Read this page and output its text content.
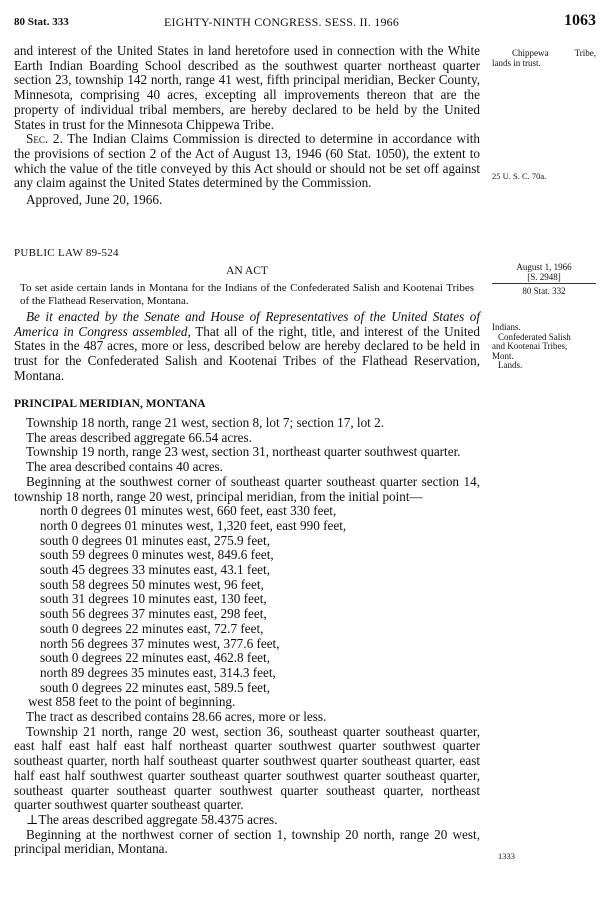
80 Stat. 333	EIGHTY-NINTH CONGRESS. SESS. II. 1966	1063

and interest of the United States in land heretofore used in connection with the White Earth Indian Boarding School described as the southwest quarter northeast quarter section 23, township 142 north, range 41 west, fifth principal meridian, Becker County, Minnesota, comprising 40 acres, excepting all improvements thereon that are the property of individual tribal members, are hereby declared to be held by the United States in trust for the Minnesota Chippewa Tribe.

Sec. 2. The Indian Claims Commission is directed to determine in accordance with the provisions of section 2 of the Act of August 13, 1946 (60 Stat. 1050), the extent to which the value of the title conveyed by this Act should or should not be set off against any claim against the United States determined by the Commission.

Approved, June 20, 1966.

PUBLIC LAW 89-524

AN ACT

To set aside certain lands in Montana for the Indians of the Confederated Salish and Kootenai Tribes of the Flathead Reservation, Montana.

Be it enacted by the Senate and House of Representatives of the United States of America in Congress assembled, That all of the right, title, and interest of the United States in the 487 acres, more or less, described below are hereby declared to be held in trust for the Confederated Salish and Kootenai Tribes of the Flathead Reservation, Montana.

PRINCIPAL MERIDIAN, MONTANA

Township 18 north, range 21 west, section 8, lot 7; section 17, lot 2.

The areas described aggregate 66.54 acres.

Township 19 north, range 23 west, section 31, northeast quarter southwest quarter.

The area described contains 40 acres.

Beginning at the southwest corner of southeast quarter southeast quarter section 14, township 18 north, range 20 west, principal meridian, from the initial point—

north 0 degrees 01 minutes west, 660 feet, east 330 feet,

north 0 degrees 01 minutes west, 1,320 feet, east 990 feet,

south 0 degrees 01 minutes east, 275.9 feet,

south 59 degrees 0 minutes west, 849.6 feet,

south 45 degrees 33 minutes east, 43.1 feet,

south 58 degrees 50 minutes west, 96 feet,

south 31 degrees 10 minutes east, 130 feet,

south 56 degrees 37 minutes east, 298 feet,

south 0 degrees 22 minutes east, 72.7 feet,

north 56 degrees 37 minutes west, 377.6 feet,

south 0 degrees 22 minutes east, 462.8 feet,

north 89 degrees 35 minutes east, 314.3 feet,

south 0 degrees 22 minutes east, 589.5 feet,

west 858 feet to the point of beginning.

The tract as described contains 28.66 acres, more or less.

Township 21 north, range 20 west, section 36, southeast quarter southeast quarter, east half east half east half northeast quarter southwest quarter southwest quarter southeast quarter, north half southeast quarter southwest quarter southeast quarter, east half east half southwest quarter southeast quarter southwest quarter southeast quarter, southeast quarter southeast quarter southwest quarter southeast quarter, northeast quarter southwest quarter southeast quarter.

⊥The areas described aggregate 58.4375 acres.

Beginning at the northwest corner of section 1, township 20 north, range 20 west, principal meridian, Montana.

Chippewa Tribe,
lands in trust.
25 U. S. C. 70a.
August 1, 1966
[S. 2948]
80 Stat. 332
Indians.
Confederated Salish
and Kootenai Tribes,
Mont.
Lands.
1333
